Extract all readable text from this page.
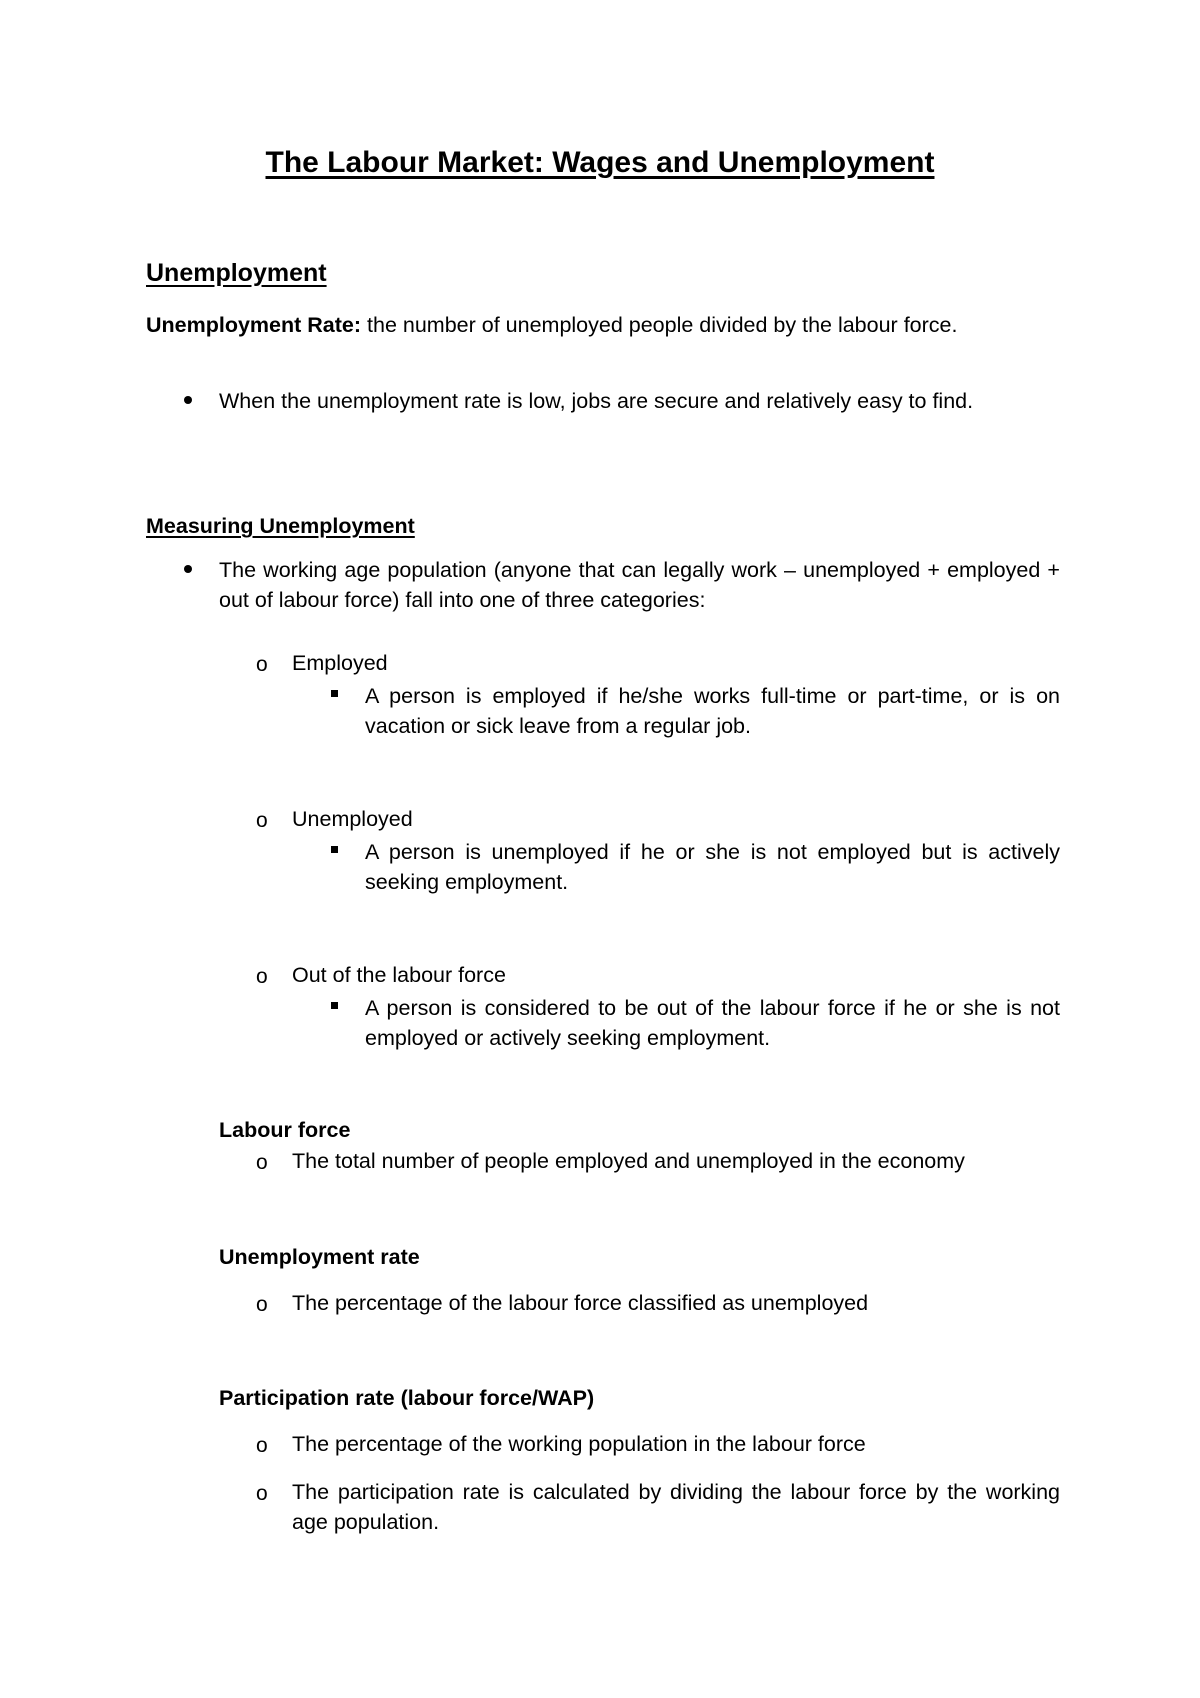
The Labour Market: Wages and Unemployment
Unemployment
Unemployment Rate: the number of unemployed people divided by the labour force.
When the unemployment rate is low, jobs are secure and relatively easy to find.
Measuring Unemployment
The working age population (anyone that can legally work – unemployed + employed + out of labour force) fall into one of three categories:
o Employed
A person is employed if he/she works full-time or part-time, or is on vacation or sick leave from a regular job.
o Unemployed
A person is unemployed if he or she is not employed but is actively seeking employment.
o Out of the labour force
A person is considered to be out of the labour force if he or she is not employed or actively seeking employment.
Labour force
o The total number of people employed and unemployed in the economy
Unemployment rate
o The percentage of the labour force classified as unemployed
Participation rate (labour force/WAP)
o The percentage of the working population in the labour force
o The participation rate is calculated by dividing the labour force by the working age population.
